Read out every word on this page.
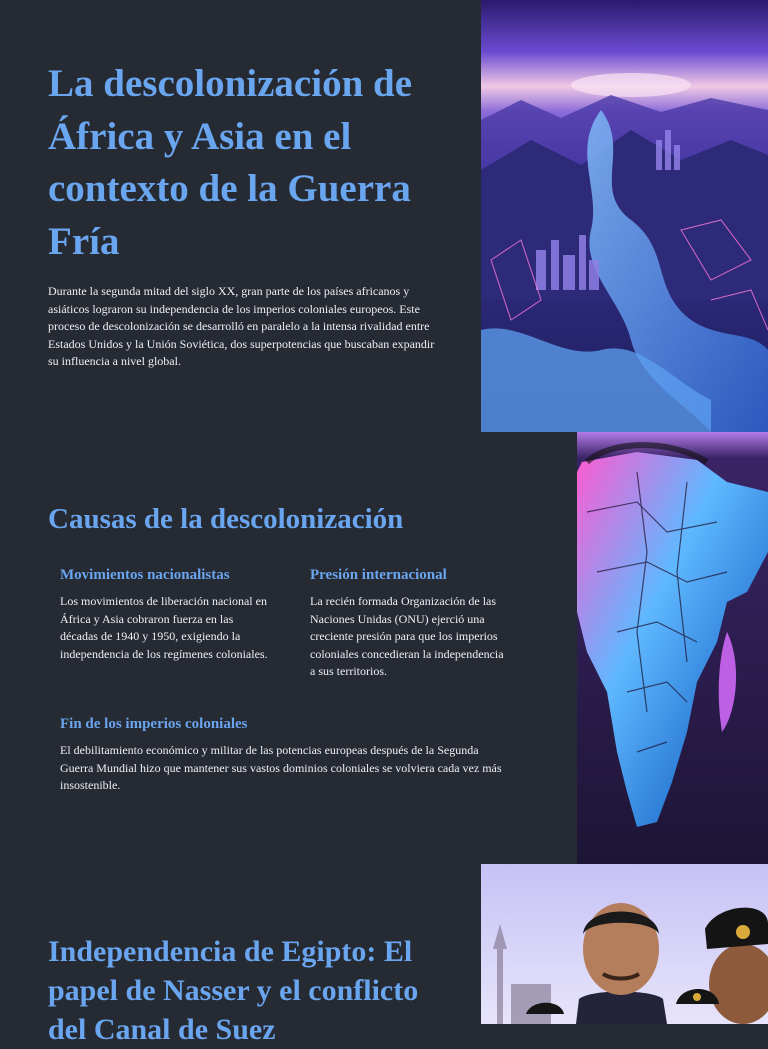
La descolonización de África y Asia en el contexto de la Guerra Fría

Durante la segunda mitad del siglo XX, gran parte de los países africanos y asiáticos lograron su independencia de los imperios coloniales europeos. Este proceso de descolonización se desarrolló en paralelo a la intensa rivalidad entre Estados Unidos y la Unión Soviética, dos superpotencias que buscaban expandir su influencia a nivel global.

Causas de la descolonización
Movimientos nacionalistas

Los movimientos de liberación nacional en África y Asia cobraron fuerza en las décadas de 1940 y 1950, exigiendo la independencia de los regímenes coloniales.

Presión internacional

La recién formada Organización de las Naciones Unidas (ONU) ejerció una creciente presión para que los imperios coloniales concedieran la independencia a sus territorios.

Fin de los imperios coloniales

El debilitamiento económico y militar de las potencias europeas después de la Segunda Guerra Mundial hizo que mantener sus vastos dominios coloniales se volviera cada vez más insostenible.

Independencia de Egipto: El papel de Nasser y el conflicto del Canal de Suez
